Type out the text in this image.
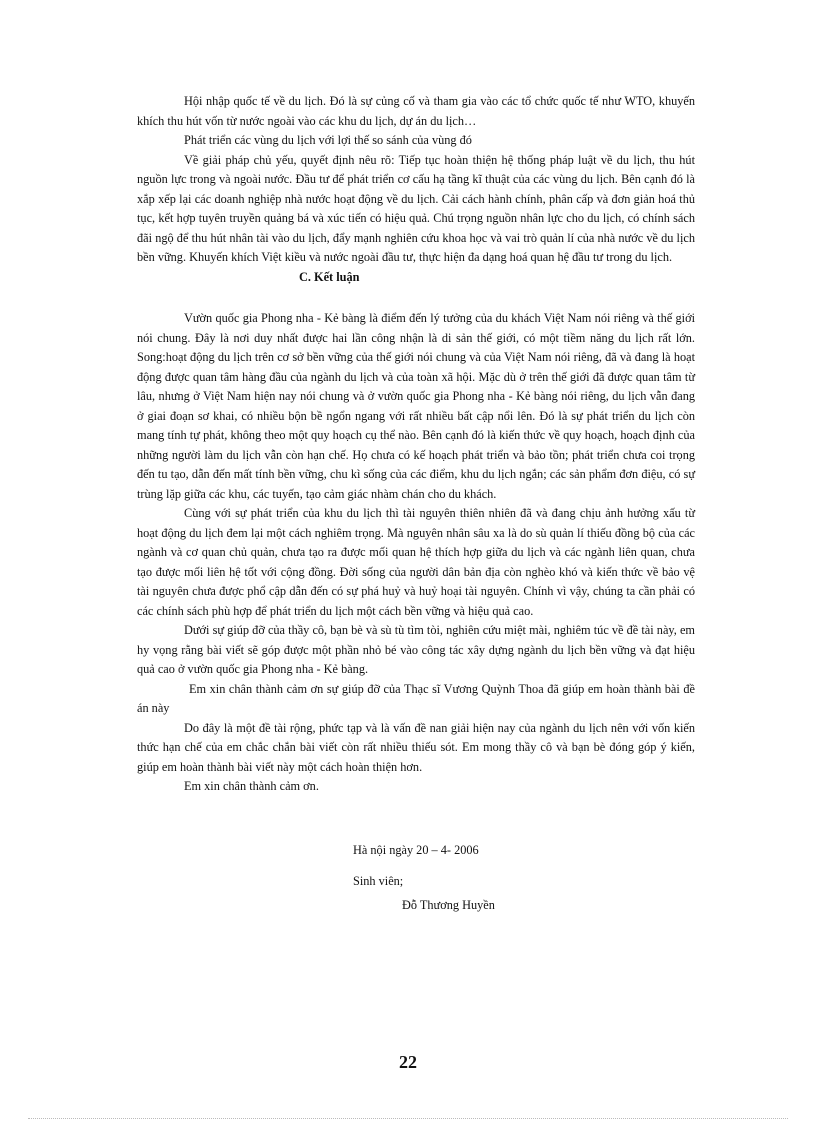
Hội nhập quốc tế về du lịch. Đó là sự củng cố và tham gia vào các tổ chức quốc tế như WTO, khuyến khích thu hút vốn từ nước ngoài vào các khu du lịch, dự án du lịch…

Phát triển các vùng du lịch với lợi thế so sánh của vùng đó

Về giải pháp chủ yếu, quyết định nêu rõ: Tiếp tục hoàn thiện hệ thống pháp luật về du lịch, thu hút nguồn lực trong và ngoài nước. Đầu tư để phát triển cơ cấu hạ tầng kĩ thuật của các vùng du lịch. Bên cạnh đó là xắp xếp lại các doanh nghiệp nhà nước hoạt động về du lịch. Cải cách hành chính, phân cấp và đơn giản hoá thủ tục, kết hợp tuyên truyền quảng bá và xúc tiến có hiệu quả. Chú trọng nguồn nhân lực cho du lịch, có chính sách đãi ngộ để thu hút nhân tài vào du lịch, đẩy mạnh nghiên cứu khoa học và vai trò quản lí của nhà nước về du lịch bền vững. Khuyến khích Việt kiều và nước ngoài đầu tư, thực hiện đa dạng hoá quan hệ đầu tư trong du lịch.

C. Kết luận

Vườn quốc gia Phong nha - Kẻ bàng là điểm đến lý tưởng của du khách Việt Nam nói riêng và thế giới nói chung. Đây là nơi duy nhất được hai lần công nhận là di sản thế giới, có một tiềm năng du lịch rất lớn. Song:hoạt động du lịch trên cơ sở bền vững của thế giới nói chung và của Việt Nam nói riêng, đã và đang là hoạt động được quan tâm hàng đầu của ngành du lịch và của toàn xã hội. Mặc dù ở trên thế giới đã được quan tâm từ lâu, nhưng ở Việt Nam hiện nay nói chung và ở vườn quốc gia Phong nha - Kẻ bàng nói riêng, du lịch vẫn đang ở giai đoạn sơ khai, có nhiều bộn bề ngổn ngang với rất nhiều bất cập nổi lên. Đó là sự phát triển du lịch còn mang tính tự phát, không theo một quy hoạch cụ thể nào. Bên cạnh đó là kiến thức về quy hoạch, hoạch định của những người làm du lịch vẫn còn hạn chế. Họ chưa có kế hoạch phát triển và bảo tồn; phát triển chưa coi trọng đến tu tạo, dẫn đến mất tính bền vững, chu kì sống của các điểm, khu du lịch ngắn; các sản phẩm đơn điệu, có sự trùng lặp giữa các khu, các tuyến, tạo cảm giác nhàm chán cho du khách.

Cùng với sự phát triển của khu du lịch thì tài nguyên thiên nhiên đã và đang chịu ảnh hưởng xấu từ hoạt động du lịch đem lại một cách nghiêm trọng. Mà nguyên nhân sâu xa là do sù quản lí thiếu đồng bộ của các ngành và cơ quan chủ quản, chưa tạo ra được mối quan hệ thích hợp giữa du lịch và các ngành liên quan, chưa tạo được mối liên hệ tốt với cộng đồng. Đời sống của người dân bản địa còn nghèo khó và kiến thức về bảo vệ tài nguyên chưa được phổ cập dẫn đến có sự phá huỷ và huỷ hoại tài nguyên. Chính vì vậy, chúng ta cần phải có các chính sách phù hợp để phát triển du lịch một cách bền vững và hiệu quả cao.

Dưới sự giúp đỡ của thầy cô, bạn bè và sù tù tìm tòi, nghiên cứu miệt mài, nghiêm túc về đề tài này, em hy vọng rằng bài viết sẽ góp được một phần nhỏ bé vào công tác xây dựng ngành du lịch bền vững và đạt hiệu quả cao ở vườn quốc gia Phong nha - Kẻ bàng.

Em xin chân thành cảm ơn sự giúp đỡ của Thạc sĩ Vương Quỳnh Thoa đã giúp em hoàn thành bài đề án này

Do đây là một đề tài rộng, phức tạp và là vấn đề nan giải hiện nay của ngành du lịch nên với vốn kiến thức hạn chế của em chắc chắn bài viết còn rất nhiều thiếu sót. Em mong thầy cô và bạn bè đóng góp ý kiến, giúp em hoàn thành bài viết này một cách hoàn thiện hơn.

Em xin chân thành cảm ơn.

Hà nội ngày 20 – 4- 2006

Sinh viên;

Đỗ Thương Huyền

22
